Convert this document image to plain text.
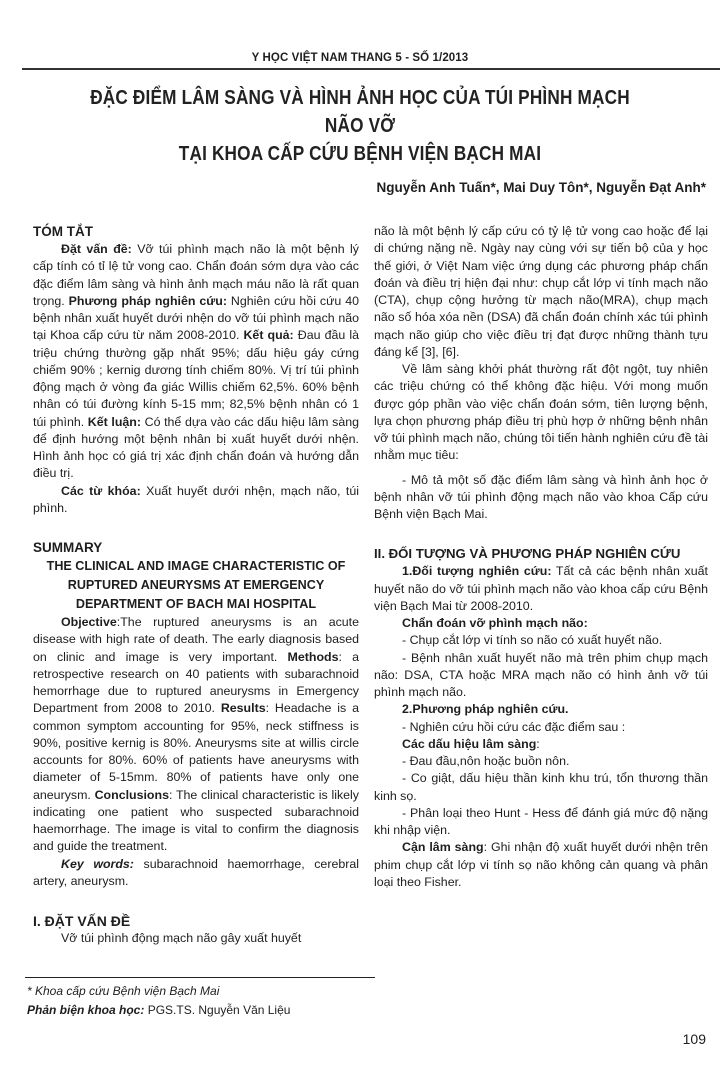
Y HỌC VIỆT NAM THANG 5 - SỐ 1/2013
ĐẶC ĐIỂM LÂM SÀNG VÀ HÌNH ẢNH HỌC CỦA TÚI PHÌNH MẠCH NÃO VỠ
TẠI KHOA CẤP CỨU BỆNH VIỆN BẠCH MAI
Nguyễn Anh Tuấn*, Mai Duy Tôn*, Nguyễn Đạt Anh*
TÓM TẮT

Đặt vấn đề: Vỡ túi phình mạch não là một bệnh lý cấp tính có tỉ lệ tử vong cao. Chẩn đoán sớm dựa vào các đặc điểm lâm sàng và hình ảnh mạch máu não là rất quan trọng. Phương pháp nghiên cứu: Nghiên cứu hồi cứu 40 bệnh nhân xuất huyết dưới nhện do vỡ túi phình mạch não tại Khoa cấp cứu từ năm 2008-2010. Kết quả: Đau đầu là triệu chứng thường gặp nhất 95%; dấu hiệu gáy cứng chiếm 90% ; kernig dương tính chiếm 80%. Vị trí túi phình động mạch ở vòng đa giác Willis chiếm 62,5%. 60% bệnh nhân có túi đường kính 5-15 mm; 82,5% bệnh nhân có 1 túi phình. Kết luận: Có thể dựa vào các dấu hiệu lâm sàng để định hướng một bệnh nhân bị xuất huyết dưới nhện. Hình ảnh học có giá trị xác định chẩn đoán và hướng dẫn điều trị.

Các từ khóa: Xuất huyết dưới nhện, mạch não, túi phình.

SUMMARY
THE CLINICAL AND IMAGE CHARACTERISTIC OF
RUPTURED ANEURYSMS AT EMERGENCY
DEPARTMENT OF BACH MAI HOSPITAL

Objective:The ruptured aneurysms is an acute disease with high rate of death. The early diagnosis based on clinic and image is very important. Methods: a retrospective research on 40 patients with subarachnoid hemorrhage due to ruptured aneurysms in Emergency Department from 2008 to 2010. Results: Headache is a common symptom accounting for 95%, neck stiffness is 90%, positive kernig is 80%. Aneurysms site at willis circle accounts for 80%. 60% of patients have aneurysms with diameter of 5-15mm. 80% of patients have only one aneurysm. Conclusions: The clinical characteristic is likely indicating one patient who suspected subarachnoid haemorrhage. The image is vital to confirm the diagnosis and guide the treatment.

Key words: subarachnoid haemorrhage, cerebral artery, aneurysm.

I. ĐẶT VẤN ĐỀ

Vỡ túi phình động mạch não gây xuất huyết

não là một bệnh lý cấp cứu có tỷ lệ tử vong cao hoặc để lại di chứng nặng nề. Ngày nay cùng với sự tiến bộ của y học thế giới, ở Việt Nam việc ứng dụng các phương pháp chẩn đoán và điều trị hiện đại như: chụp cắt lớp vi tính mạch não (CTA), chụp cộng hưởng từ mạch não(MRA), chụp mạch não số hóa xóa nền (DSA) đã chẩn đoán chính xác túi phình mạch não giúp cho việc điều trị đạt được những thành tựu đáng kể [3], [6].

Về lâm sàng khởi phát thường rất đột ngột, tuy nhiên các triệu chứng có thể không đặc hiệu. Với mong muốn được góp phần vào việc chẩn đoán sớm, tiên lượng bệnh, lựa chọn phương pháp điều trị phù hợp ở những bệnh nhân vỡ túi phình mạch não, chúng tôi tiến hành nghiên cứu đề tài nhằm mục tiêu:

- Mô tả một số đặc điểm lâm sàng và hình ảnh học ở bệnh nhân vỡ túi phình động mạch não vào khoa Cấp cứu Bệnh viện Bạch Mai.

II. ĐỐI TƯỢNG VÀ PHƯƠNG PHÁP NGHIÊN CỨU

1.Đối tượng nghiên cứu: Tất cả các bệnh nhân xuất huyết não do vỡ túi phình mạch não vào khoa cấp cứu Bệnh viện Bạch Mai từ 2008-2010.

Chẩn đoán vỡ phình mạch não:

- Chụp cắt lớp vi tính so não có xuất huyết não.

- Bệnh nhân xuất huyết não mà trên phim chụp mạch não: DSA, CTA hoặc MRA mạch não có hình ảnh vỡ túi phình mạch não.

2.Phương pháp nghiên cứu.

- Nghiên cứu hồi cứu các đặc điểm sau :

Các dấu hiệu lâm sàng:

- Đau đầu,nôn hoặc buồn nôn.

- Co giật, dấu hiệu thần kinh khu trú, tổn thương thần kinh sọ.

- Phân loại theo Hunt - Hess để đánh giá mức độ nặng khi nhập viện.

Cận lâm sàng: Ghi nhận độ xuất huyết dưới nhện trên phim chụp cắt lớp vi tính sọ não không cản quang và phân loại theo Fisher.

* Khoa cấp cứu Bệnh viện Bạch Mai
Phản biện khoa học: PGS.TS. Nguyễn Văn Liệu
109
